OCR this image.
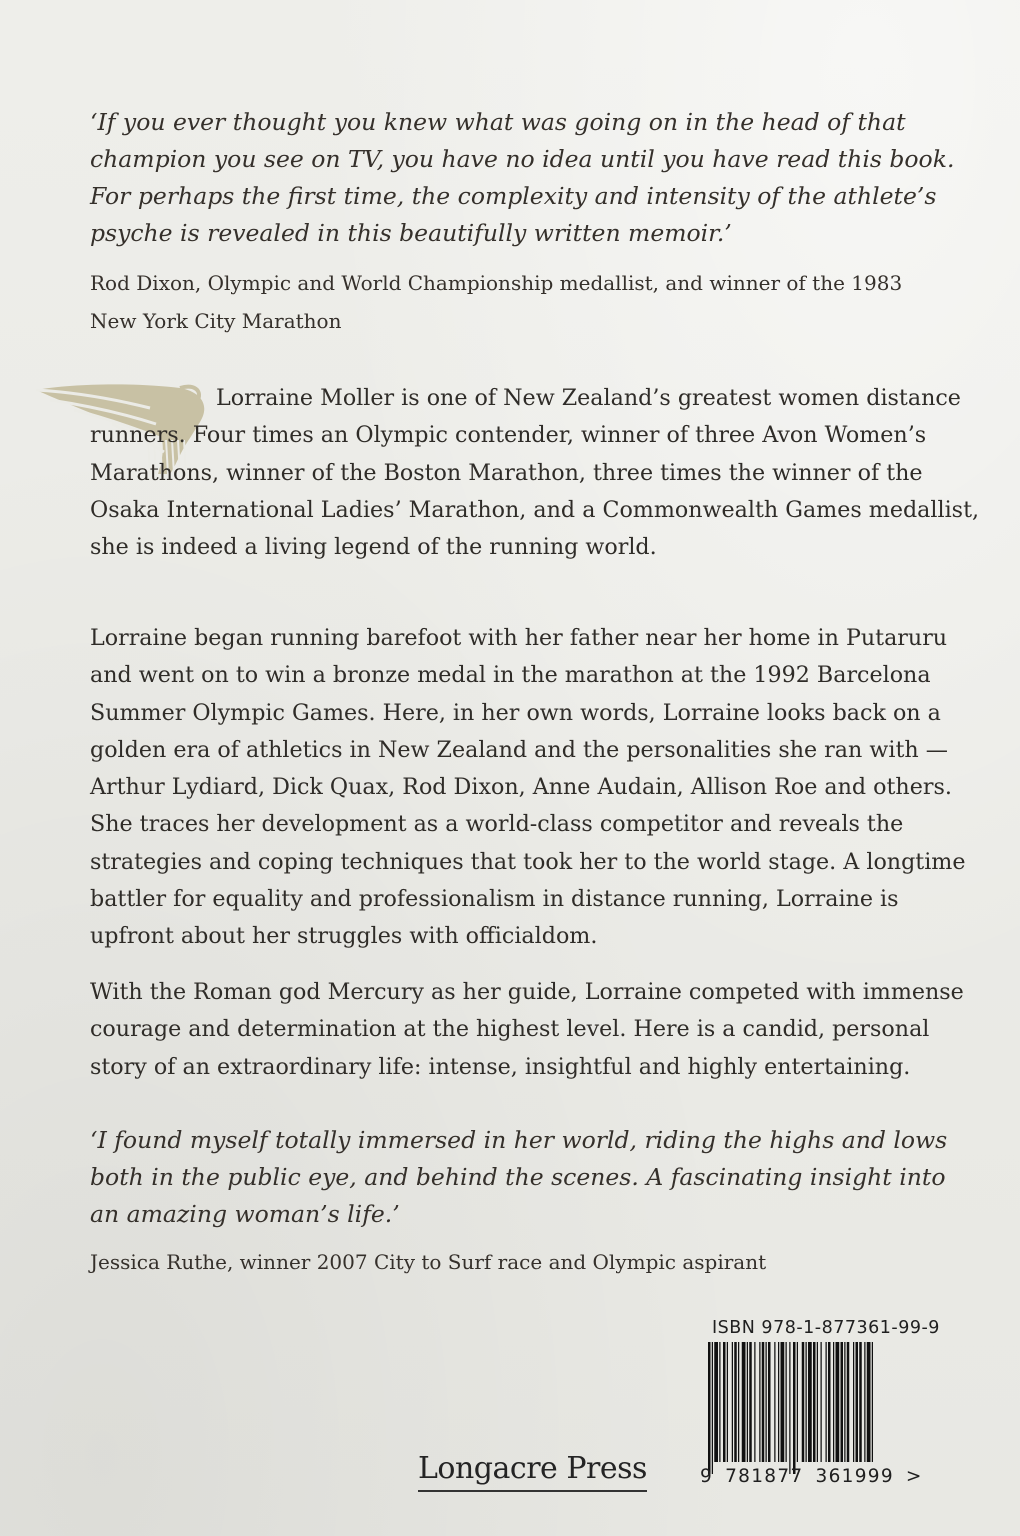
‘If you ever thought you knew what was going on in the head of that champion you see on TV, you have no idea until you have read this book. For perhaps the first time, the complexity and intensity of the athlete’s psyche is revealed in this beautifully written memoir.’

Rod Dixon, Olympic and World Championship medallist, and winner of the 1983 New York City Marathon

Lorraine Moller is one of New Zealand’s greatest women distance runners. Four times an Olympic contender, winner of three Avon Women’s Marathons, winner of the Boston Marathon, three times the winner of the Osaka International Ladies’ Marathon, and a Commonwealth Games medallist, she is indeed a living legend of the running world.

Lorraine began running barefoot with her father near her home in Putaruru and went on to win a bronze medal in the marathon at the 1992 Barcelona Summer Olympic Games. Here, in her own words, Lorraine looks back on a golden era of athletics in New Zealand and the personalities she ran with — Arthur Lydiard, Dick Quax, Rod Dixon, Anne Audain, Allison Roe and others. She traces her development as a world-class competitor and reveals the strategies and coping techniques that took her to the world stage. A longtime battler for equality and professionalism in distance running, Lorraine is upfront about her struggles with officialdom.

With the Roman god Mercury as her guide, Lorraine competed with immense courage and determination at the highest level. Here is a candid, personal story of an extraordinary life: intense, insightful and highly entertaining.

‘I found myself totally immersed in her world, riding the highs and lows both in the public eye, and behind the scenes. A fascinating insight into an amazing woman’s life.’

Jessica Ruthe, winner 2007 City to Surf race and Olympic aspirant

ISBN 978-1-877361-99-9

9 781877 361999 >

Longacre Press
